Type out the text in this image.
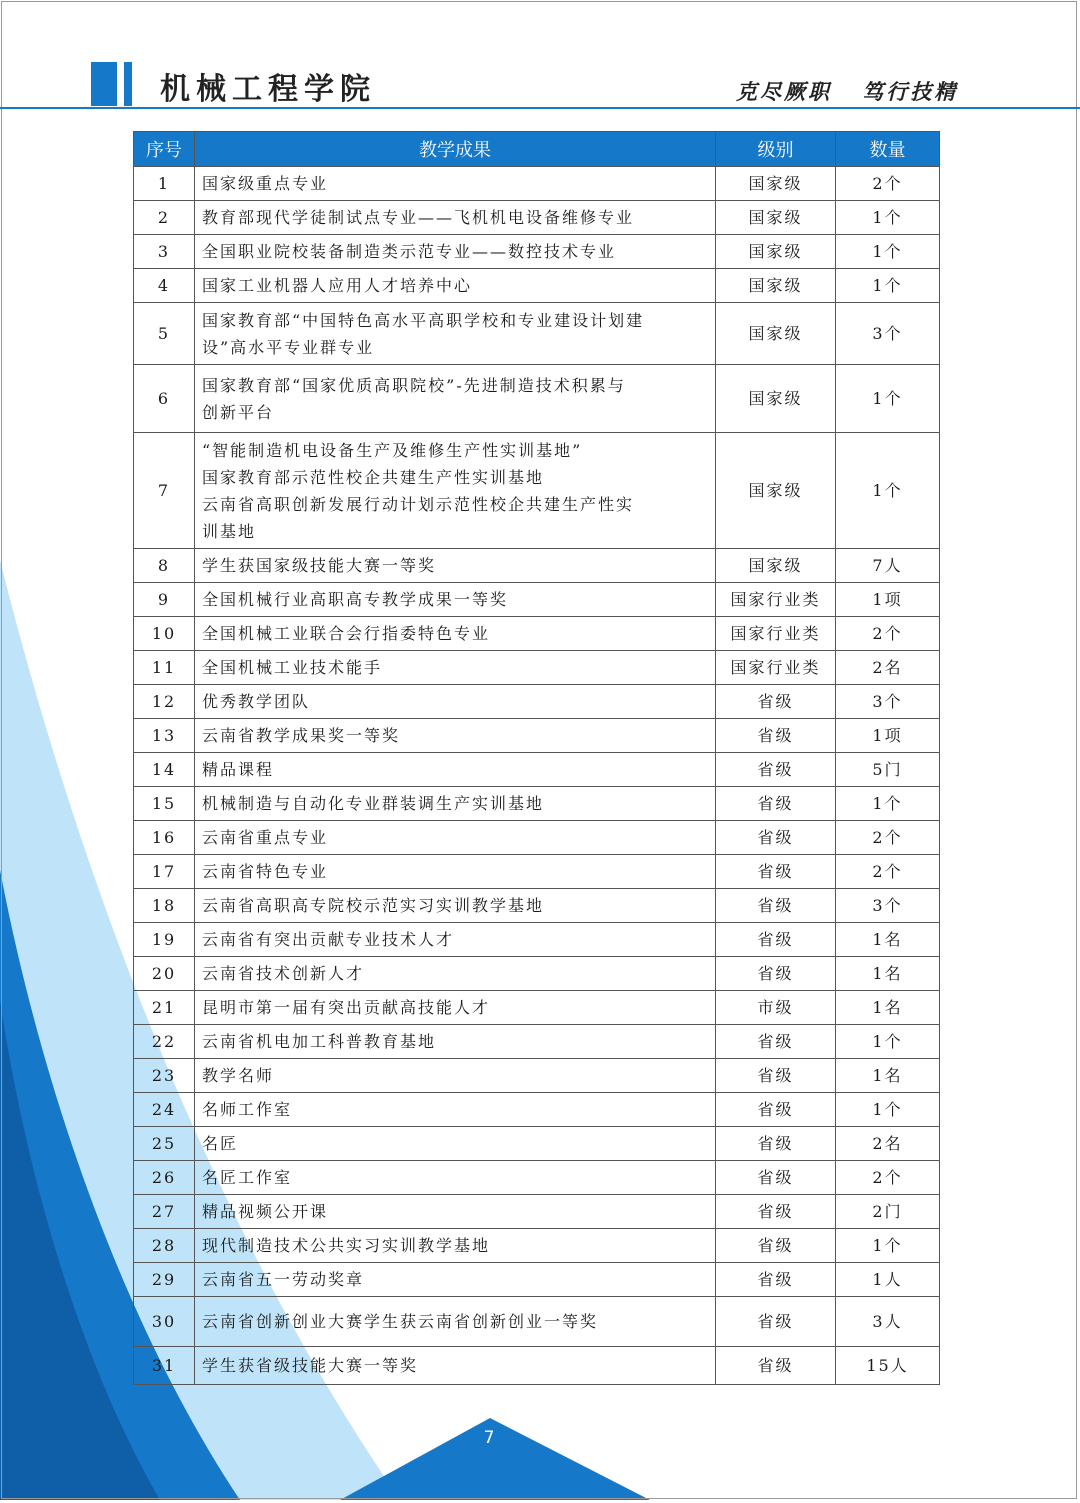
机械工程学院	克尽厥职 笃行技精
序号	教学成果	级别	数量
1	国家级重点专业	国家级	2个
2	教育部现代学徒制试点专业——飞机机电设备维修专业	国家级	1个
3	全国职业院校装备制造类示范专业——数控技术专业	国家级	1个
4	国家工业机器人应用人才培养中心	国家级	1个
5	国家教育部“中国特色高水平高职学校和专业建设计划建
设”高水平专业群专业	国家级	3个
6	国家教育部“国家优质高职院校”-先进制造技术积累与
创新平台	国家级	1个
7	“智能制造机电设备生产及维修生产性实训基地”
国家教育部示范性校企共建生产性实训基地
云南省高职创新发展行动计划示范性校企共建生产性实
训基地	国家级	1个
8	学生获国家级技能大赛一等奖	国家级	7人
9	全国机械行业高职高专教学成果一等奖	国家行业类	1项
10	全国机械工业联合会行指委特色专业	国家行业类	2个
11	全国机械工业技术能手	国家行业类	2名
12	优秀教学团队	省级	3个
13	云南省教学成果奖一等奖	省级	1项
14	精品课程	省级	5门
15	机械制造与自动化专业群装调生产实训基地	省级	1个
16	云南省重点专业	省级	2个
17	云南省特色专业	省级	2个
18	云南省高职高专院校示范实习实训教学基地	省级	3个
19	云南省有突出贡献专业技术人才	省级	1名
20	云南省技术创新人才	省级	1名
21	昆明市第一届有突出贡献高技能人才	市级	1名
22	云南省机电加工科普教育基地	省级	1个
23	教学名师	省级	1名
24	名师工作室	省级	1个
25	名匠	省级	2名
26	名匠工作室	省级	2个
27	精品视频公开课	省级	2门
28	现代制造技术公共实习实训教学基地	省级	1个
29	云南省五一劳动奖章	省级	1人
30	云南省创新创业大赛学生获云南省创新创业一等奖	省级	3人
31	学生获省级技能大赛一等奖	省级	15人
7
